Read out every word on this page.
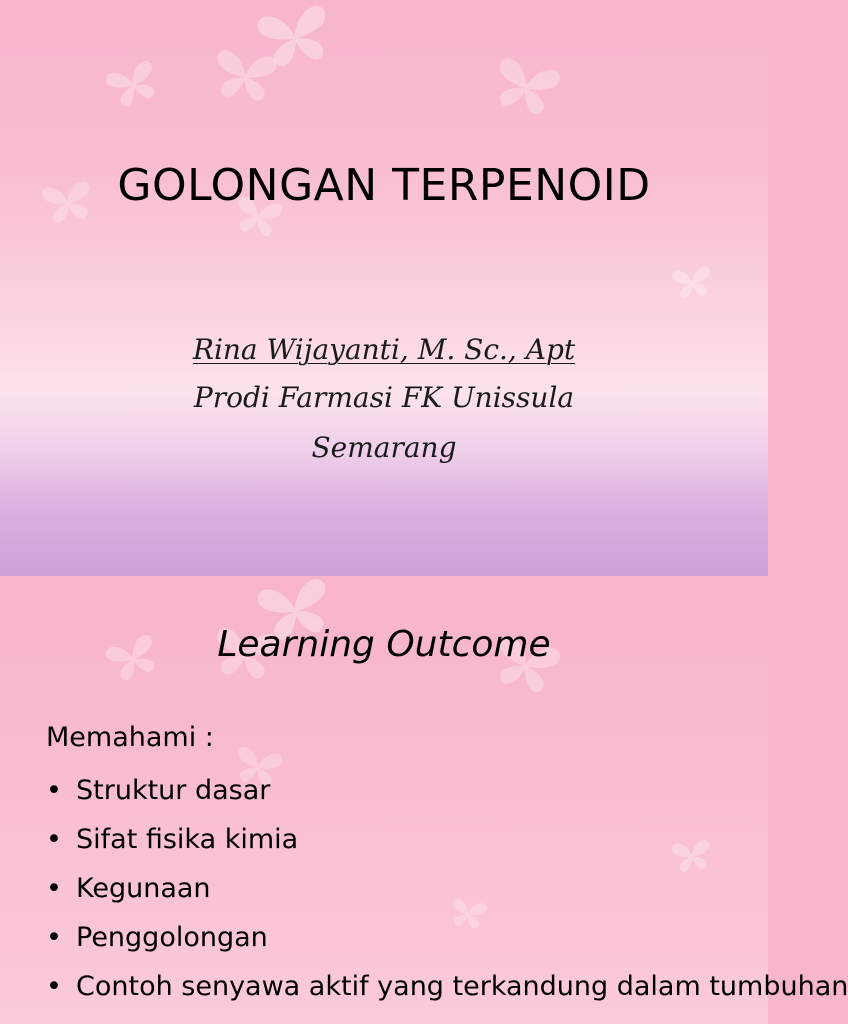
GOLONGAN TERPENOID
Rina Wijayanti, M. Sc., Apt
Prodi Farmasi FK Unissula
Semarang
Learning Outcome
Memahami :
• Struktur dasar
• Sifat fisika kimia
• Kegunaan
• Penggolongan
• Contoh senyawa aktif yang terkandung dalam tumbuhan
